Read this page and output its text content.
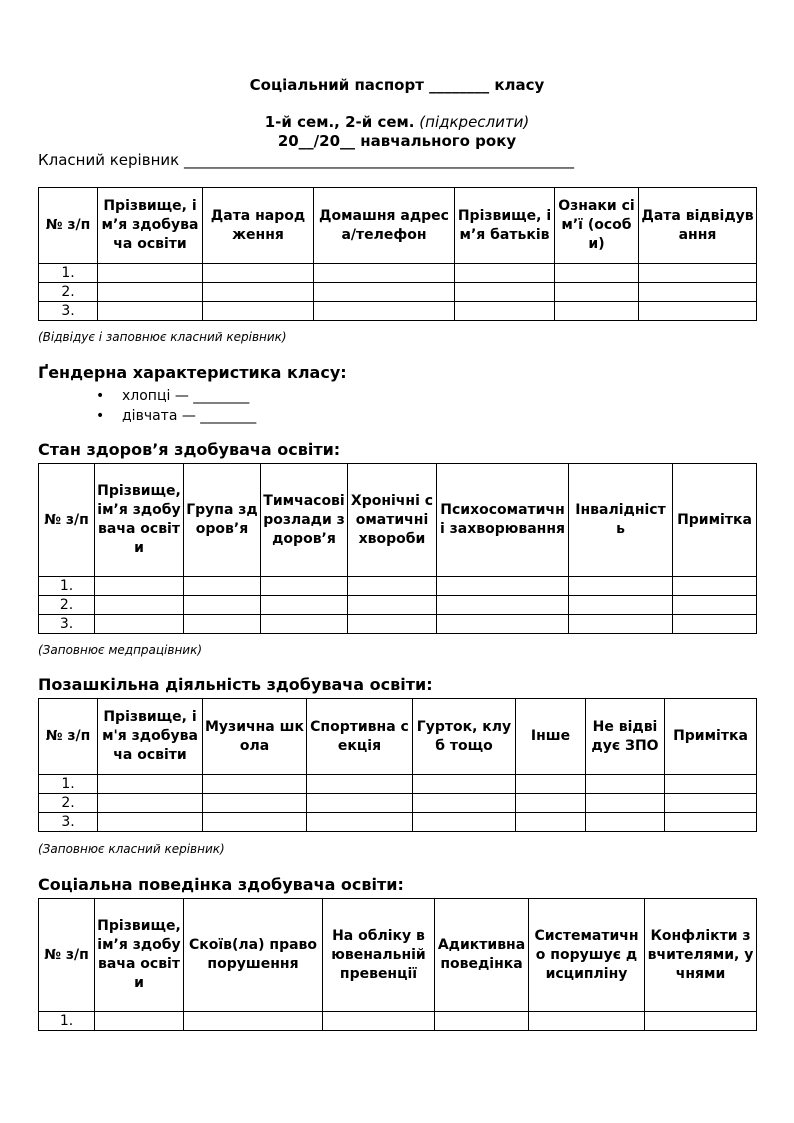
Соціальний паспорт ________ класу
1-й сем., 2-й сем. (підкреслити)
20__/20__ навчального року
Класний керівник ____________________________________________________
№ з/п	Прізвище, ім’я здобувача освіти	Дата народження	Домашня адреса/телефон	Прізвище, ім’я батьків	Ознаки сім’ї (особи)	Дата відвідування
1.						
2.						
3.						
(Відвідує і заповнює класний керівник)
Ґендерна характеристика класу:
• хлопці — ________
• дівчата — ________
Стан здоров’я здобувача освіти:
№ з/п	Прізвище, ім’я здобувача освіти	Група здоров’я	Тимчасові розлади здоров’я	Хронічні соматичні хвороби	Психосоматичні захворювання	Інвалідність	Примітка
1.							
2.							
3.							
(Заповнює медпрацівник)
Позашкільна діяльність здобувача освіти:
№ з/п	Прізвище, ім'я здобувача освіти	Музична школа	Спортивна секція	Гурток, клуб тощо	Інше	Не відвідує ЗПО	Примітка
1.							
2.							
3.							
(Заповнює класний керівник)
Соціальна поведінка здобувача освіти:
№ з/п	Прізвище, ім’я здобувача освіти	Скоїв(ла) правопорушення	На обліку в ювенальній превенції	Адиктивна поведінка	Систематично порушує дисципліну	Конфлікти з вчителями, учнями
1.						
